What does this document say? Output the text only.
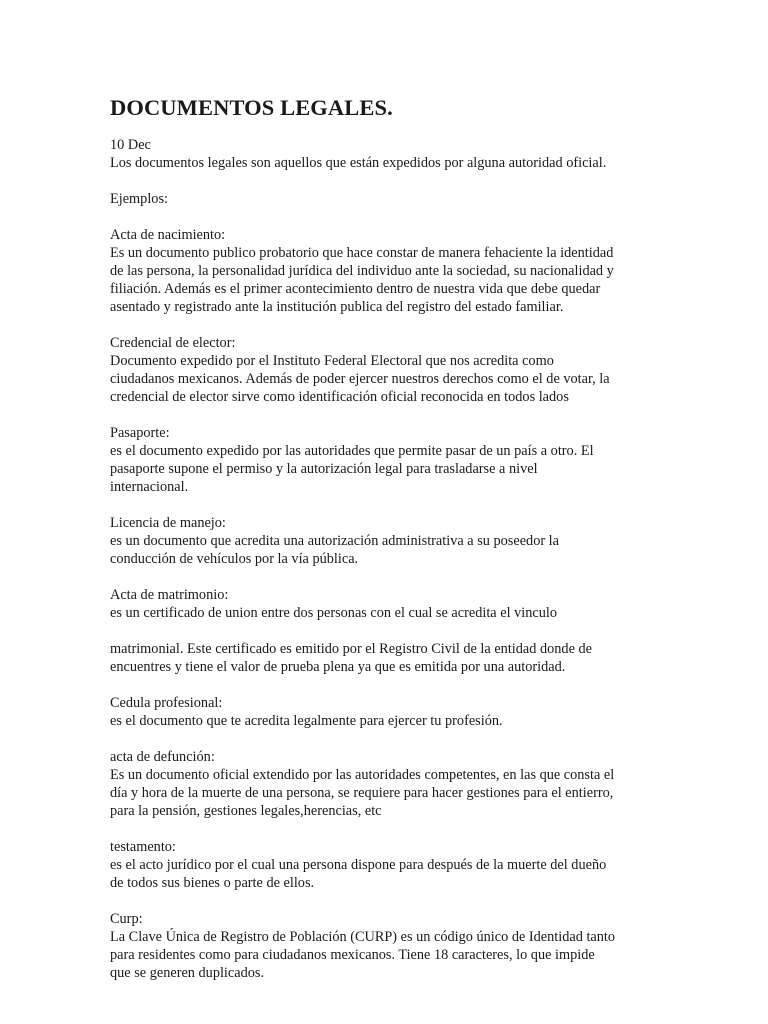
DOCUMENTOS LEGALES.

10 Dec

Los documentos legales son aquellos que están expedidos por alguna autoridad oficial.

Ejemplos:

Acta de nacimiento:

Es un documento publico probatorio que hace constar de manera fehaciente la identidad

de las persona, la personalidad jurídica del individuo ante la sociedad, su nacionalidad y

filiación. Además es el primer acontecimiento dentro de nuestra vida que debe quedar

asentado y registrado ante la institución publica del registro del estado familiar.

Credencial de elector:

Documento expedido por el Instituto Federal Electoral que nos acredita como

ciudadanos mexicanos. Además de poder ejercer nuestros derechos como el de votar, la

credencial de elector sirve como identificación oficial reconocida en todos lados

Pasaporte:

es el documento expedido por las autoridades que permite pasar de un país a otro. El

pasaporte supone el permiso y la autorización legal para trasladarse a nivel

internacional.

Licencia de manejo:

es un documento que acredita una autorización administrativa a su poseedor la

conducción de vehículos por la vía pública.

Acta de matrimonio:

es un certificado de union entre dos personas con el cual se acredita el vinculo

matrimonial. Este certificado es emitido por el Registro Civil de la entidad donde de

encuentres y tiene el valor de prueba plena ya que es emitida por una autoridad.

Cedula profesional:

es el documento que te acredita legalmente para ejercer tu profesión.

acta de defunción:

Es un documento oficial extendido por las autoridades competentes, en las que consta el

día y hora de la muerte de una persona, se requiere para hacer gestiones para el entierro,

para la pensión, gestiones legales,herencias, etc

testamento:

es el acto jurídico por el cual una persona dispone para después de la muerte del dueño

de todos sus bienes o parte de ellos.

Curp:

La Clave Única de Registro de Población (CURP) es un código único de Identidad tanto

para residentes como para ciudadanos mexicanos. Tiene 18 caracteres, lo que impide

que se generen duplicados.
